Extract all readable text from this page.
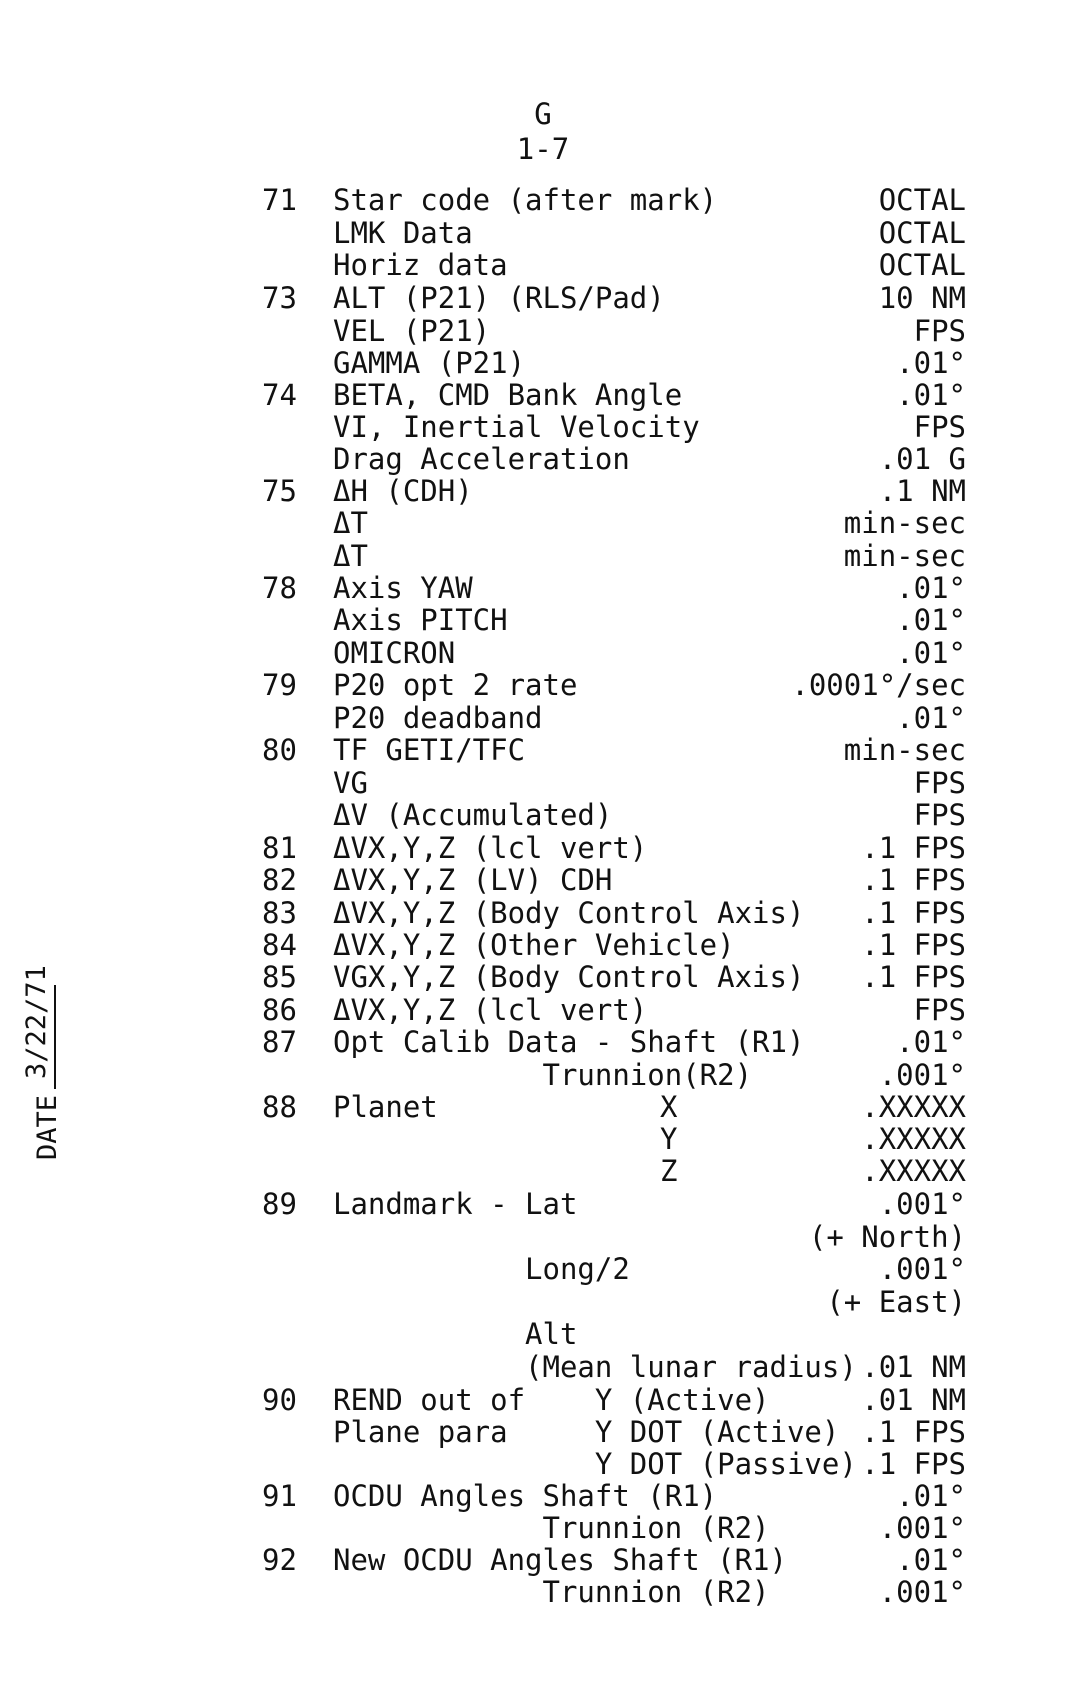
G
1-7
71 Star code (after mark)	OCTAL
LMK Data	OCTAL
Horiz data	OCTAL
73 ALT (P21) (RLS/Pad)	10 NM
VEL (P21)	FPS
GAMMA (P21)	.01°
74 BETA, CMD Bank Angle	.01°
VI, Inertial Velocity	FPS
Drag Acceleration	.01 G
75 ΔH (CDH)	.1 NM
ΔT	min-sec
ΔT	min-sec
78 Axis YAW	.01°
Axis PITCH	.01°
OMICRON	.01°
79 P20 opt 2 rate	.0001°/sec
P20 deadband	.01°
80 TF GETI/TFC	min-sec
VG	FPS
ΔV (Accumulated)	FPS
81 ΔVX,Y,Z (lcl vert)	.1 FPS
82 ΔVX,Y,Z (LV) CDH	.1 FPS
83 ΔVX,Y,Z (Body Control Axis) .1 FPS
84 ΔVX,Y,Z (Other Vehicle)	.1 FPS
85 VGX,Y,Z (Body Control Axis) .1 FPS
86 ΔVX,Y,Z (lcl vert)	FPS
87 Opt Calib Data - Shaft (R1)	.01°
Trunnion(R2)	.001°
88 Planet	X	.XXXXX
Y	.XXXXX
Z	.XXXXX
89 Landmark - Lat	.001°
(+ North)
Long/2	.001°
(+ East)
Alt
(Mean lunar radius) .01 NM
90 REND out of    Y (Active)	.01 NM
Plane para     Y DOT (Active) .1 FPS
Y DOT (Passive) .1 FPS
91 OCDU Angles Shaft (R1)	.01°
Trunnion (R2)	.001°
92 New OCDU Angles Shaft (R1)	.01°
Trunnion (R2)	.001°
DATE
3/22/71
